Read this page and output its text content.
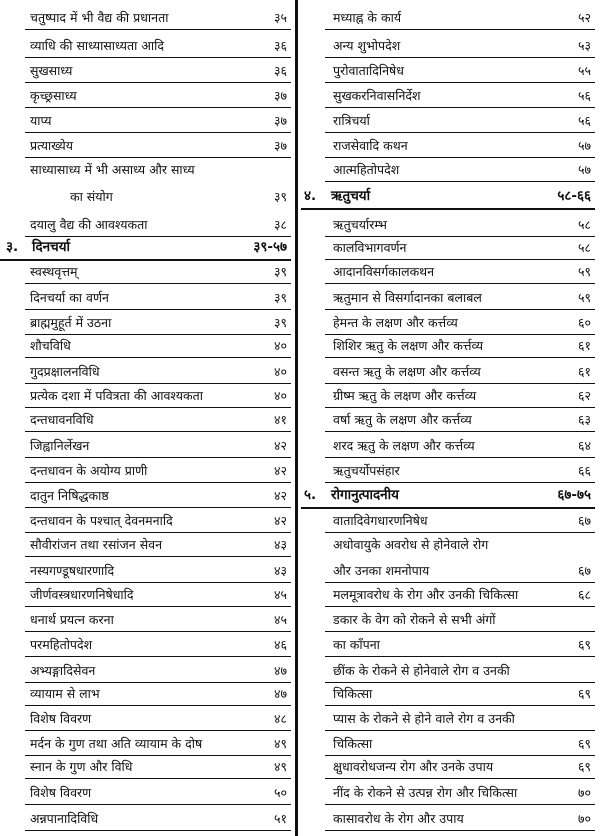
चतुष्पाद में भी वैद्य की प्रधानता	३५
व्याधि की साध्यासाध्यता आदि	३६
सुखसाध्य	३६
कृच्छ्रसाध्य	३७
याप्य	३७
प्रत्याख्येय	३७
साध्यासाध्य में भी असाध्य और साध्य
का संयोग	३९
दयालु वैद्य की आवश्यकता	३८
३. दिनचर्या	३९-५७
स्वस्थवृत्तम्	३९
दिनचर्या का वर्णन	३९
ब्राह्ममुहूर्त में उठना	३९
शौचविधि	४०
गुदप्रक्षालनविधि	४०
प्रत्येक दशा में पवित्रता की आवश्यकता	४०
दन्तधावनविधि	४१
जिह्वानिर्लेखन	४२
दन्तधावन के अयोग्य प्राणी	४२
दातुन निषिद्धकाष्ठ	४२
दन्तधावन के पश्चात् देवनमनादि	४२
सौवीरांजन तथा रसांजन सेवन	४३
नस्यगण्डूषधारणादि	४३
जीर्णवस्त्रधारणनिषेधादि	४५
धनार्थ प्रयत्न करना	४५
परमहितोपदेश	४६
अभ्यङ्गादिसेवन	४७
व्यायाम से लाभ	४७
विशेष विवरण	४८
मर्दन के गुण तथा अति व्यायाम के दोष	४९
स्नान के गुण और विधि	४९
विशेष विवरण	५०
अन्नपानादिविधि	५१
मध्याह्न के कार्य	५२
अन्य शुभोपदेश	५३
पुरोवातादिनिषेध	५५
सुखकरनिवासनिर्देश	५६
रात्रिचर्या	५६
राजसेवादि कथन	५७
आत्महितोपदेश	५७
४. ऋतुचर्या	५८-६६
ऋतुचर्यारम्भ	५८
कालविभागवर्णन	५८
आदानविसर्गकालकथन	५९
ऋतुमान से विसर्गादानका बलाबल	५९
हेमन्त के लक्षण और कर्त्तव्य	६०
शिशिर ऋतु के लक्षण और कर्त्तव्य	६१
वसन्त ऋतु के लक्षण और कर्त्तव्य	६१
ग्रीष्म ऋतु के लक्षण और कर्त्तव्य	६२
वर्षा ऋतु के लक्षण और कर्त्तव्य	६३
शरद ऋतु के लक्षण और कर्त्तव्य	६४
ऋतुचर्योपसंहार	६६
५. रोगानुत्पादनीय	६७-७५
वातादिवेगधारणनिषेध	६७
अधोवायुके अवरोध से होनेवाले रोग
और उनका शमनोपाय	६७
मलमूत्रावरोध के रोग और उनकी चिकित्सा	६८
डकार के वेग को रोकने से सभी अंगों
का काँपना	६९
छींक के रोकने से होनेवाले रोग व उनकी
चिकित्सा	६९
प्यास के रोकने से होने वाले रोग व उनकी
चिकित्सा	६९
क्षुधावरोधजन्य रोग और उनके उपाय	६९
नींद के रोकने से उत्पन्न रोग और चिकित्सा	७०
कासावरोध के रोग और उपाय	७०
